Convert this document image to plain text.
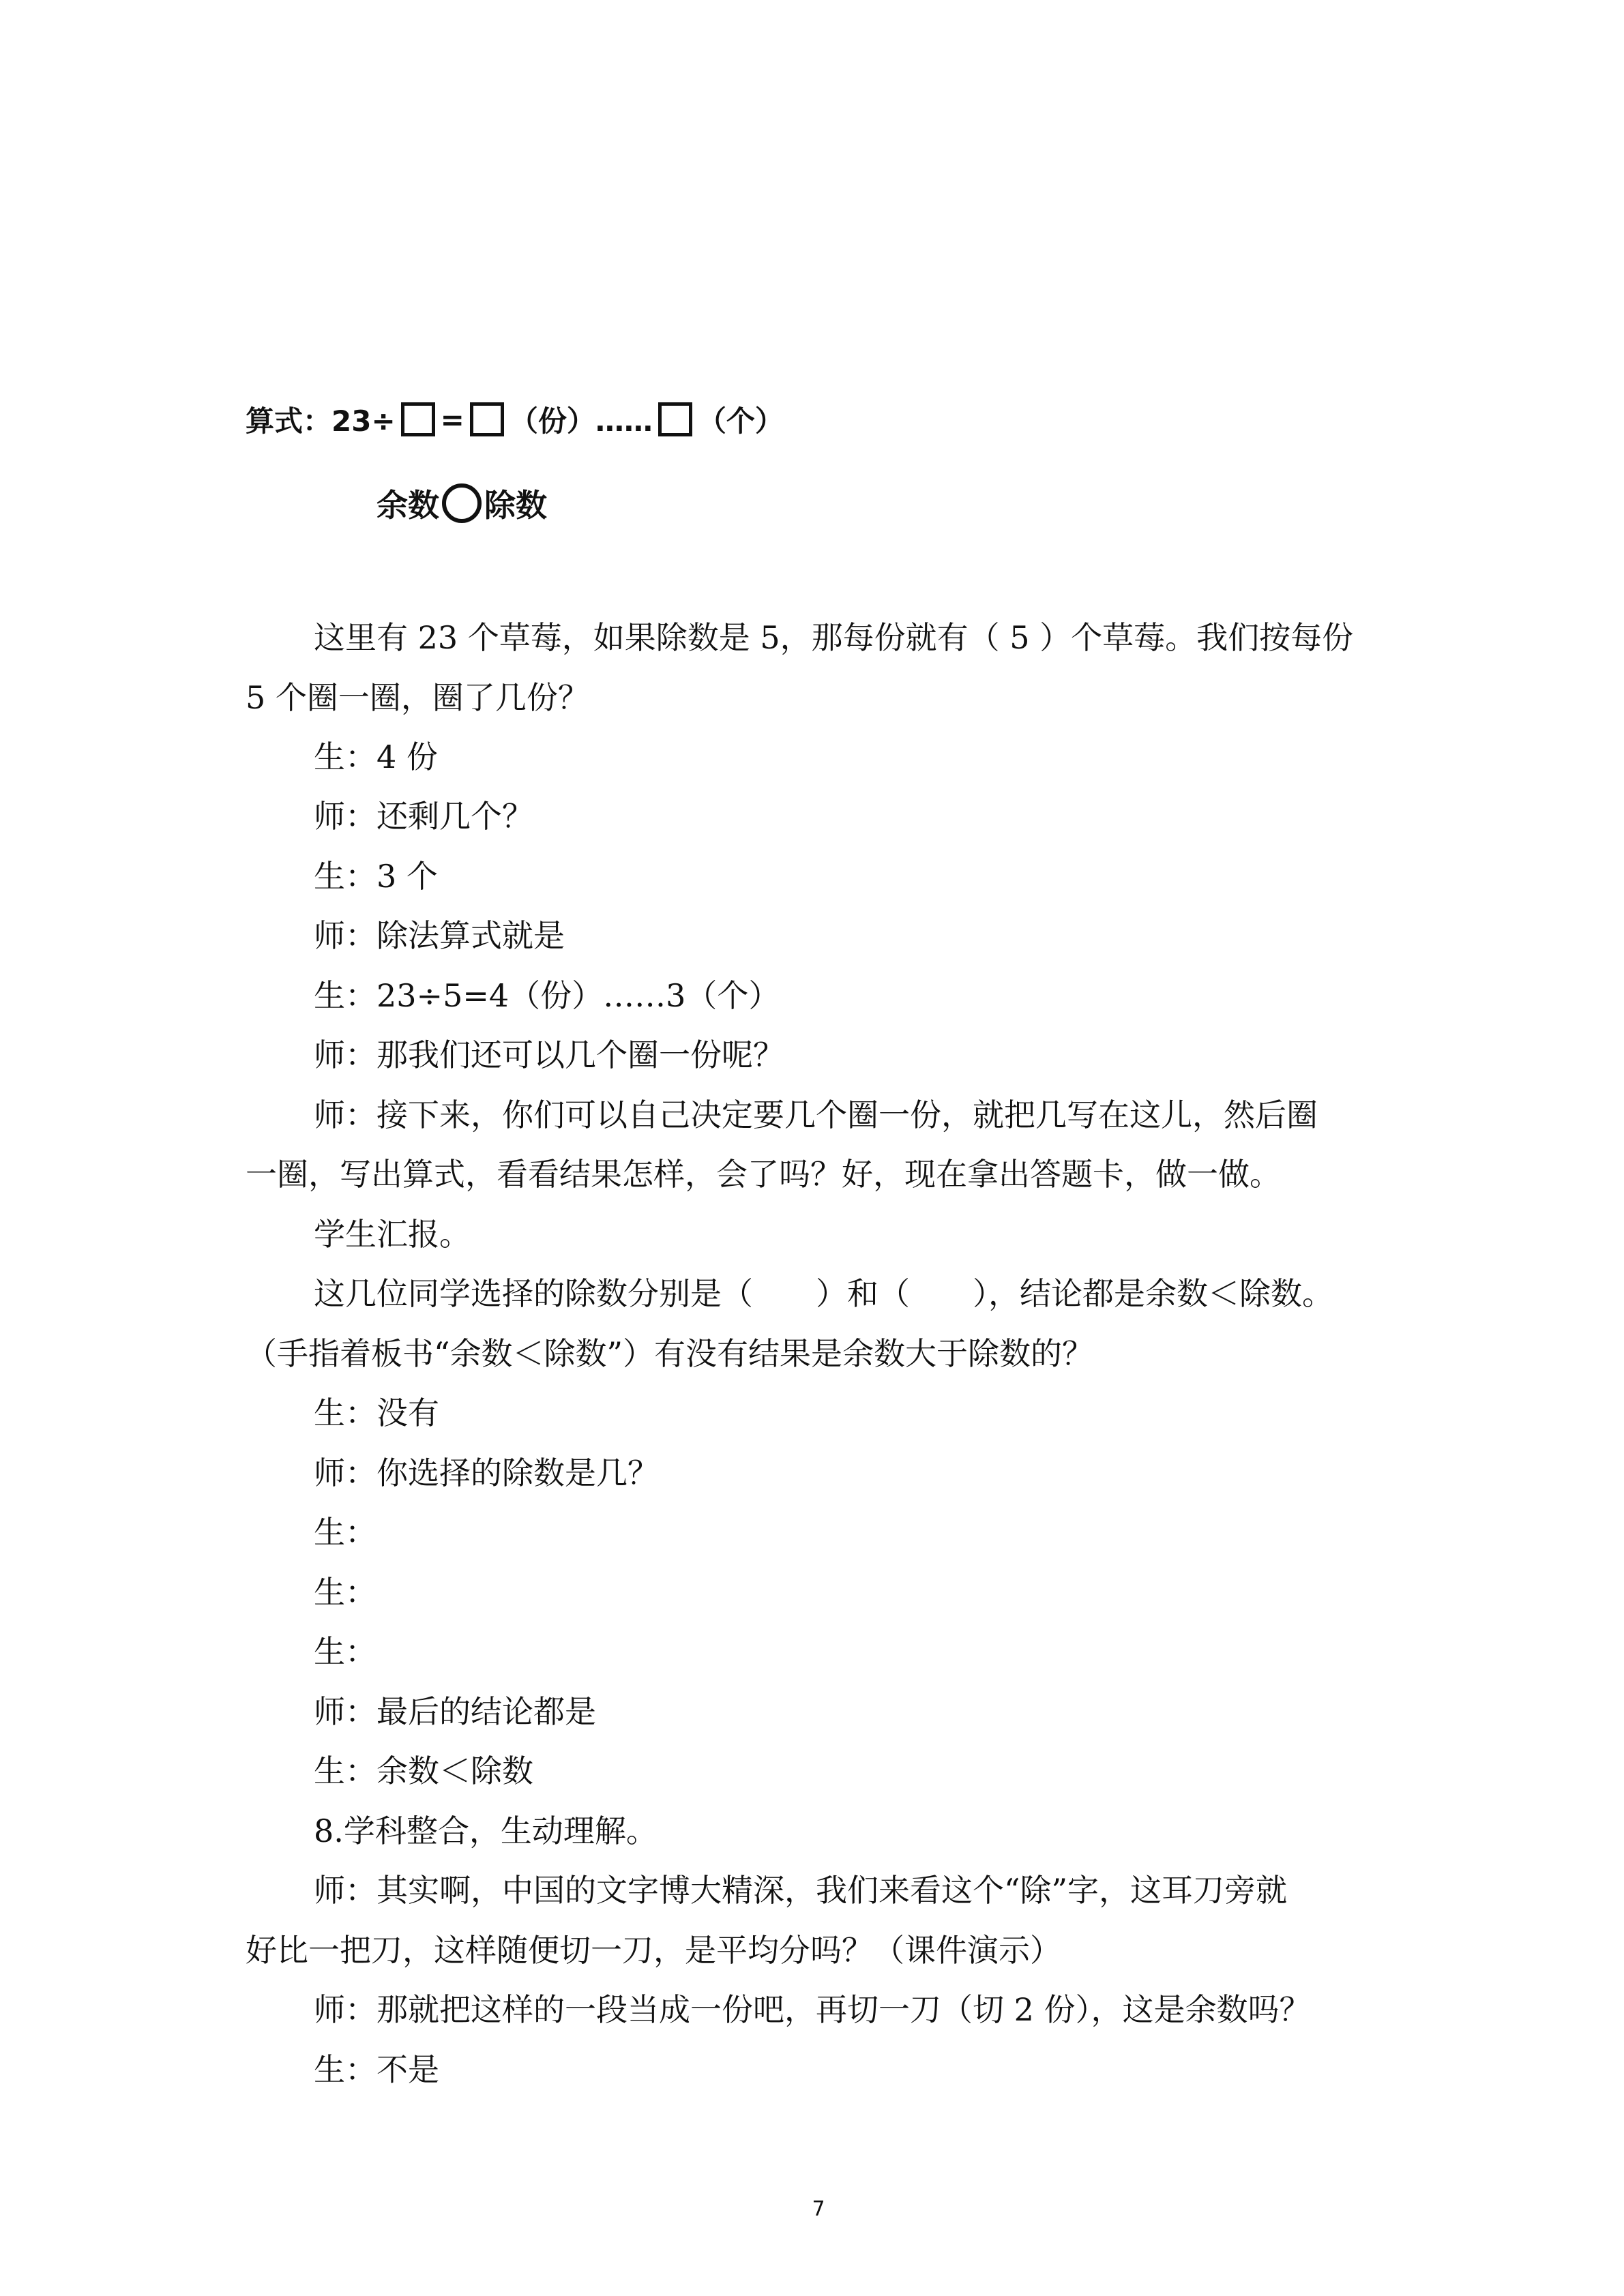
算式：23÷ = （份）…… （个）
余数 除数
这里有 23 个草莓，如果除数是 5，那每份就有（ 5 ）个草莓。我们按每份
5 个圈一圈，圈了几份？
生：4 份
师：还剩几个？
生：3 个
师：除法算式就是
生：23÷5=4（份）……3（个）
师：那我们还可以几个圈一份呢？
师：接下来，你们可以自己决定要几个圈一份，就把几写在这儿，然后圈
一圈，写出算式，看看结果怎样，会了吗？好，现在拿出答题卡，做一做。
学生汇报。
这几位同学选择的除数分别是（　　）和（　　），结论都是余数＜除数。
（手指着板书“余数＜除数”）有没有结果是余数大于除数的？
生：没有
师：你选择的除数是几？
生：
生：
生：
师：最后的结论都是
生：余数＜除数
8.学科整合，生动理解。
师：其实啊，中国的文字博大精深，我们来看这个“除”字，这耳刀旁就
好比一把刀，这样随便切一刀，是平均分吗？（课件演示）
师：那就把这样的一段当成一份吧，再切一刀（切 2 份），这是余数吗？
生：不是
7
